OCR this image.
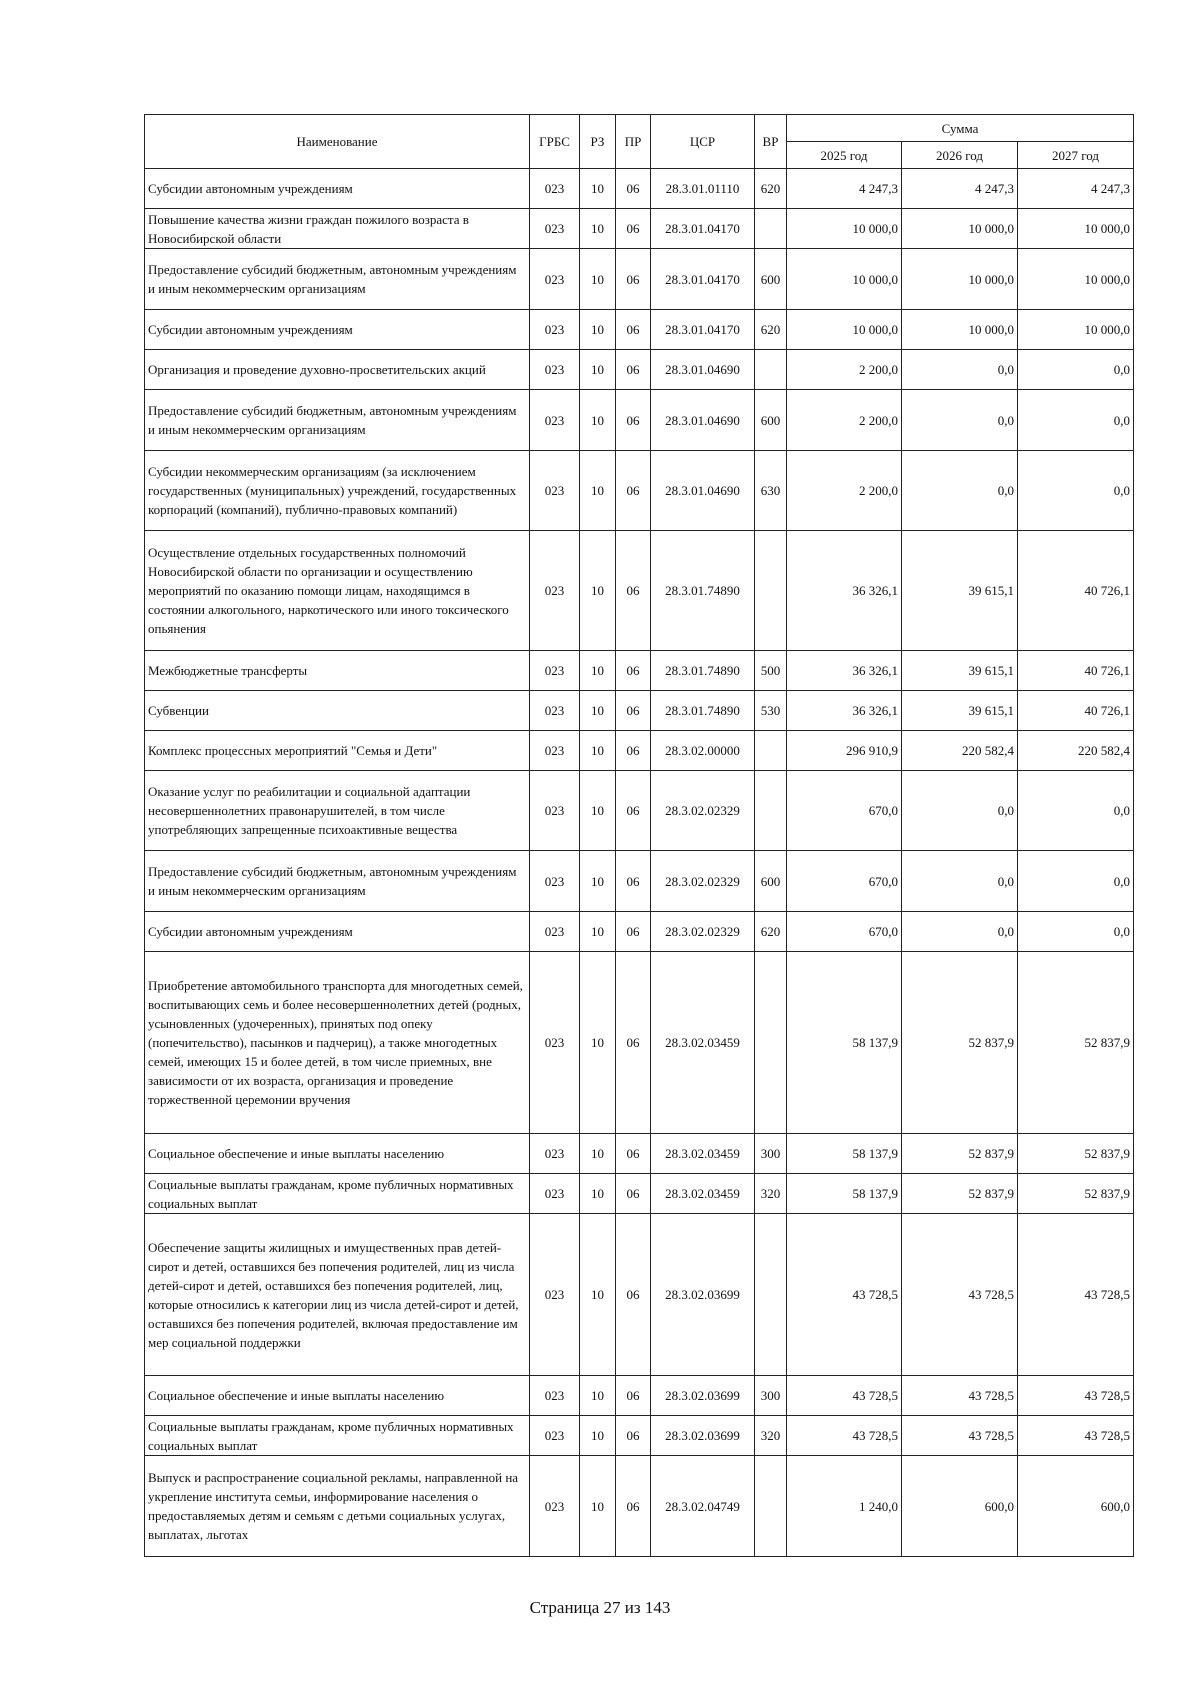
Наименование	ГРБС	РЗ	ПР	ЦСР	ВР	Сумма		
						2025 год	2026 год	2027 год
Субсидии автономным учреждениям	023	10	06	28.3.01.01110	620	4 247,3	4 247,3	4 247,3
Повышение качества жизни граждан пожилого возраста в Новосибирской области	023	10	06	28.3.01.04170		10 000,0	10 000,0	10 000,0
Предоставление субсидий бюджетным, автономным учреждениям и иным некоммерческим организациям	023	10	06	28.3.01.04170	600	10 000,0	10 000,0	10 000,0
Субсидии автономным учреждениям	023	10	06	28.3.01.04170	620	10 000,0	10 000,0	10 000,0
Организация и проведение духовно-просветительских акций	023	10	06	28.3.01.04690		2 200,0	0,0	0,0
Предоставление субсидий бюджетным, автономным учреждениям и иным некоммерческим организациям	023	10	06	28.3.01.04690	600	2 200,0	0,0	0,0
Субсидии некоммерческим организациям (за исключением государственных (муниципальных) учреждений, государственных корпораций (компаний), публично-правовых компаний)	023	10	06	28.3.01.04690	630	2 200,0	0,0	0,0
Осуществление отдельных государственных полномочий Новосибирской области по организации и осуществлению мероприятий по оказанию помощи лицам, находящимся в состоянии алкогольного, наркотического или иного токсического опьянения	023	10	06	28.3.01.74890		36 326,1	39 615,1	40 726,1
Межбюджетные трансферты	023	10	06	28.3.01.74890	500	36 326,1	39 615,1	40 726,1
Субвенции	023	10	06	28.3.01.74890	530	36 326,1	39 615,1	40 726,1
Комплекс процессных мероприятий "Семья и Дети"	023	10	06	28.3.02.00000		296 910,9	220 582,4	220 582,4
Оказание услуг по реабилитации и социальной адаптации несовершеннолетних правонарушителей, в том числе употребляющих запрещенные психоактивные вещества	023	10	06	28.3.02.02329		670,0	0,0	0,0
Предоставление субсидий бюджетным, автономным учреждениям и иным некоммерческим организациям	023	10	06	28.3.02.02329	600	670,0	0,0	0,0
Субсидии автономным учреждениям	023	10	06	28.3.02.02329	620	670,0	0,0	0,0
Приобретение автомобильного транспорта для многодетных семей, воспитывающих семь и более несовершеннолетних детей (родных, усыновленных (удочеренных), принятых под опеку (попечительство), пасынков и падчериц), а также многодетных семей, имеющих 15 и более детей, в том числе приемных, вне зависимости от их возраста, организация и проведение торжественной церемонии вручения	023	10	06	28.3.02.03459		58 137,9	52 837,9	52 837,9
Социальное обеспечение и иные выплаты населению	023	10	06	28.3.02.03459	300	58 137,9	52 837,9	52 837,9
Социальные выплаты гражданам, кроме публичных нормативных социальных выплат	023	10	06	28.3.02.03459	320	58 137,9	52 837,9	52 837,9
Обеспечение защиты жилищных и имущественных прав детей-сирот и детей, оставшихся без попечения родителей, лиц из числа детей-сирот и детей, оставшихся без попечения родителей, лиц, которые относились к категории лиц из числа детей-сирот и детей, оставшихся без попечения родителей, включая предоставление им мер социальной поддержки	023	10	06	28.3.02.03699		43 728,5	43 728,5	43 728,5
Социальное обеспечение и иные выплаты населению	023	10	06	28.3.02.03699	300	43 728,5	43 728,5	43 728,5
Социальные выплаты гражданам, кроме публичных нормативных социальных выплат	023	10	06	28.3.02.03699	320	43 728,5	43 728,5	43 728,5
Выпуск и распространение социальной рекламы, направленной на укрепление института семьи, информирование населения о предоставляемых детям и семьям с детьми социальных услугах, выплатах, льготах	023	10	06	28.3.02.04749		1 240,0	600,0	600,0
Страница 27 из 143
